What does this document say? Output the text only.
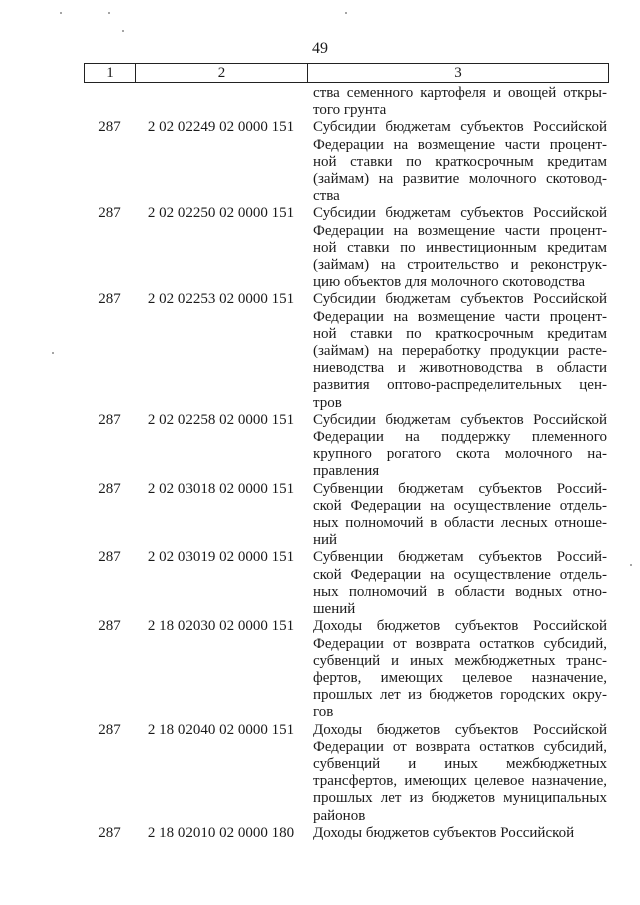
49
1	2	3
ства семенного картофеля и овощей откры-
того грунта
287	2 02 02249 02 0000 151	Субсидии бюджетам субъектов Российской
Федерации на возмещение части процент-
ной ставки по краткосрочным кредитам
(займам) на развитие молочного скотовод-
ства
287	2 02 02250 02 0000 151	Субсидии бюджетам субъектов Российской
Федерации на возмещение части процент-
ной ставки по инвестиционным кредитам
(займам) на строительство и реконструк-
цию объектов для молочного скотоводства
287	2 02 02253 02 0000 151	Субсидии бюджетам субъектов Российской
Федерации на возмещение части процент-
ной ставки по краткосрочным кредитам
(займам) на переработку продукции расте-
ниеводства и животноводства в области
развития оптово-распределительных цен-
тров
287	2 02 02258 02 0000 151	Субсидии бюджетам субъектов Российской
Федерации на поддержку племенного
крупного рогатого скота молочного на-
правления
287	2 02 03018 02 0000 151	Субвенции бюджетам субъектов Россий-
ской Федерации на осуществление отдель-
ных полномочий в области лесных отноше-
ний
287	2 02 03019 02 0000 151	Субвенции бюджетам субъектов Россий-
ской Федерации на осуществление отдель-
ных полномочий в области водных отно-
шений
287	2 18 02030 02 0000 151	Доходы бюджетов субъектов Российской
Федерации от возврата остатков субсидий,
субвенций и иных межбюджетных транс-
фертов, имеющих целевое назначение,
прошлых лет из бюджетов городских окру-
гов
287	2 18 02040 02 0000 151	Доходы бюджетов субъектов Российской
Федерации от возврата остатков субсидий,
субвенций и иных межбюджетных
трансфертов, имеющих целевое назначение,
прошлых лет из бюджетов муниципальных
районов
287	2 18 02010 02 0000 180	Доходы бюджетов субъектов Российской
